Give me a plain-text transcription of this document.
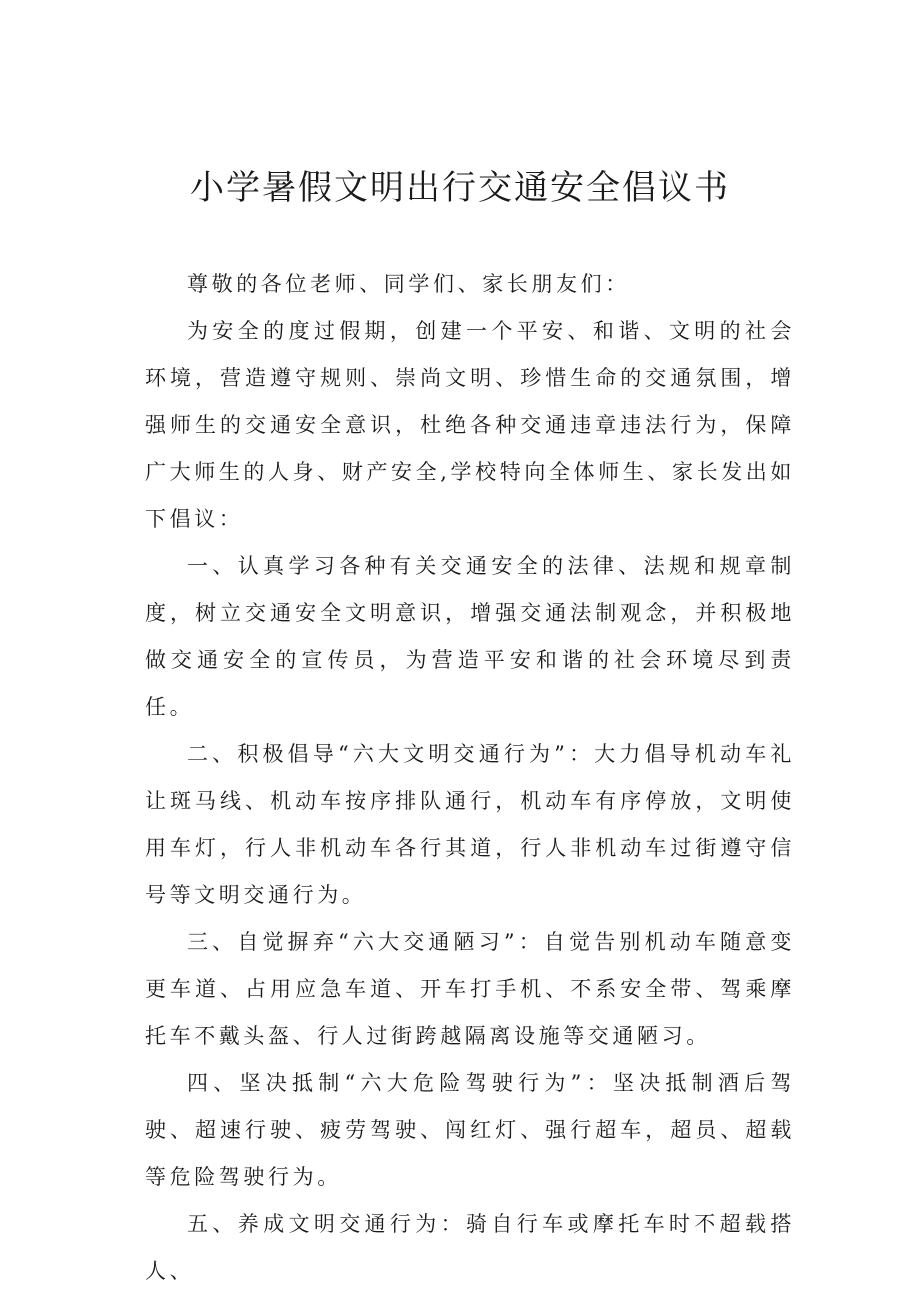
小学暑假文明出行交通安全倡议书

尊敬的各位老师、同学们、家长朋友们：

为安全的度过假期，创建一个平安、和谐、文明的社会环境，营造遵守规则、崇尚文明、珍惜生命的交通氛围，增强师生的交通安全意识，杜绝各种交通违章违法行为，保障广大师生的人身、财产安全,学校特向全体师生、家长发出如下倡议：

一、认真学习各种有关交通安全的法律、法规和规章制度，树立交通安全文明意识，增强交通法制观念，并积极地做交通安全的宣传员，为营造平安和谐的社会环境尽到责任。

二、积极倡导“六大文明交通行为”：大力倡导机动车礼让斑马线、机动车按序排队通行，机动车有序停放，文明使用车灯，行人非机动车各行其道，行人非机动车过街遵守信号等文明交通行为。

三、自觉摒弃“六大交通陋习”：自觉告别机动车随意变更车道、占用应急车道、开车打手机、不系安全带、驾乘摩托车不戴头盔、行人过街跨越隔离设施等交通陋习。

四、坚决抵制“六大危险驾驶行为”：坚决抵制酒后驾驶、超速行驶、疲劳驾驶、闯红灯、强行超车，超员、超载等危险驾驶行为。

五、养成文明交通行为：骑自行车或摩托车时不超载搭人、
